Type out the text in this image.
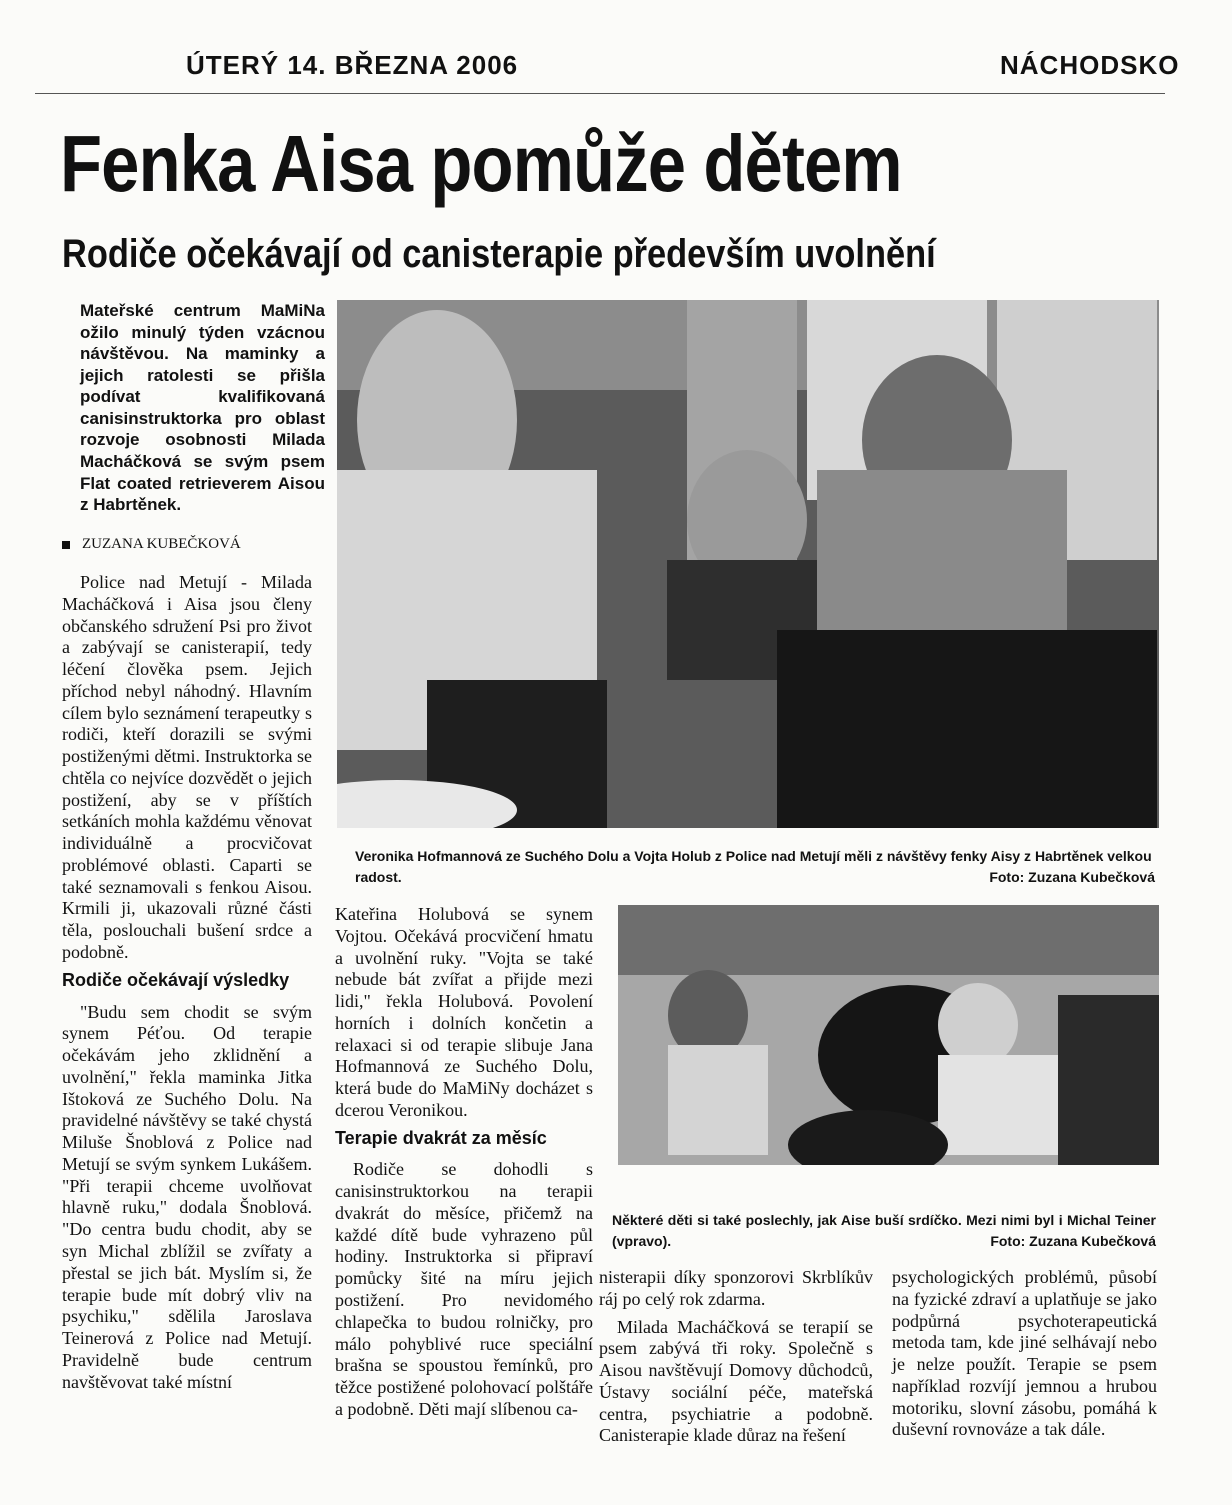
ÚTERÝ 14. BŘEZNA 2006	NÁCHODSKO
Fenka Aisa pomůže dětem
Rodiče očekávají od canisterapie především uvolnění
Mateřské centrum MaMiNa ožilo minulý týden vzácnou návštěvou. Na maminky a jejich ratolesti se přišla podívat kvalifikovaná canisinstruktorka pro oblast rozvoje osobnosti Milada Macháčková se svým psem Flat coated retrieverem Aisou z Habrtěnek.
ZUZANA KUBEČKOVÁ

Police nad Metují - Milada Macháčková i Aisa jsou členy občanského sdružení Psi pro život a zabývají se canisterapií, tedy léčení člověka psem. Jejich příchod nebyl náhodný. Hlavním cílem bylo seznámení terapeutky s rodiči, kteří dorazili se svými postiženými dětmi. Instruktorka se chtěla co nejvíce dozvědět o jejich postižení, aby se v příštích setkáních mohla každému věnovat individuálně a procvičovat problémové oblasti. Caparti se také seznamovali s fenkou Aisou. Krmili ji, ukazovali různé části těla, poslouchali bušení srdce a podobně.

Rodiče očekávají výsledky

"Budu sem chodit se svým synem Péťou. Od terapie očekávám jeho zklidnění a uvolnění," řekla maminka Jitka Ištoková ze Suchého Dolu. Na pravidelné návštěvy se také chystá Miluše Šnoblová z Police nad Metují se svým synkem Lukášem. "Při terapii chceme uvolňovat hlavně ruku," dodala Šnoblová. "Do centra budu chodit, aby se syn Michal zblížil se zvířaty a přestal se jich bát. Myslím si, že terapie bude mít dobrý vliv na psychiku," sdělila Jaroslava Teinerová z Police nad Metují. Pravidelně bude centrum navštěvovat také místní

Veronika Hofmannová ze Suchého Dolu a Vojta Holub z Police nad Metují měli z návštěvy fenky Aisy z Habrtěnek velkou radost.	Foto: Zuzana Kubečková

Kateřina Holubová se synem Vojtou. Očekává procvičení hmatu a uvolnění ruky. "Vojta se také nebude bát zvířat a přijde mezi lidi," řekla Holubová. Povolení horních i dolních končetin a relaxaci si od terapie slibuje Jana Hofmannová ze Suchého Dolu, která bude do MaMiNy docházet s dcerou Veronikou.

Terapie dvakrát za měsíc

Rodiče se dohodli s canisinstruktorkou na terapii dvakrát do měsíce, přičemž na každé dítě bude vyhrazeno půl hodiny. Instruktorka si připraví pomůcky šité na míru jejich postižení. Pro nevidomého chlapečka to budou rolničky, pro málo pohyblivé ruce speciální brašna se spoustou řemínků, pro těžce postižené polohovací polštáře a podobně. Děti mají slíbenou ca-

Některé děti si také poslechly, jak Aise buší srdíčko. Mezi nimi byl i Michal Teiner (vpravo).	Foto: Zuzana Kubečková

nisterapii díky sponzorovi Skrblíkův ráj po celý rok zdarma.

Milada Macháčková se terapií se psem zabývá tři roky. Společně s Aisou navštěvují Domovy důchodců, Ústavy sociální péče, mateřská centra, psychiatrie a podobně. Canisterapie klade důraz na řešení

psychologických problémů, působí na fyzické zdraví a uplatňuje se jako podpůrná psychoterapeutická metoda tam, kde jiné selhávají nebo je nelze použít. Terapie se psem například rozvíjí jemnou a hrubou motoriku, slovní zásobu, pomáhá k duševní rovnováze a tak dále.
